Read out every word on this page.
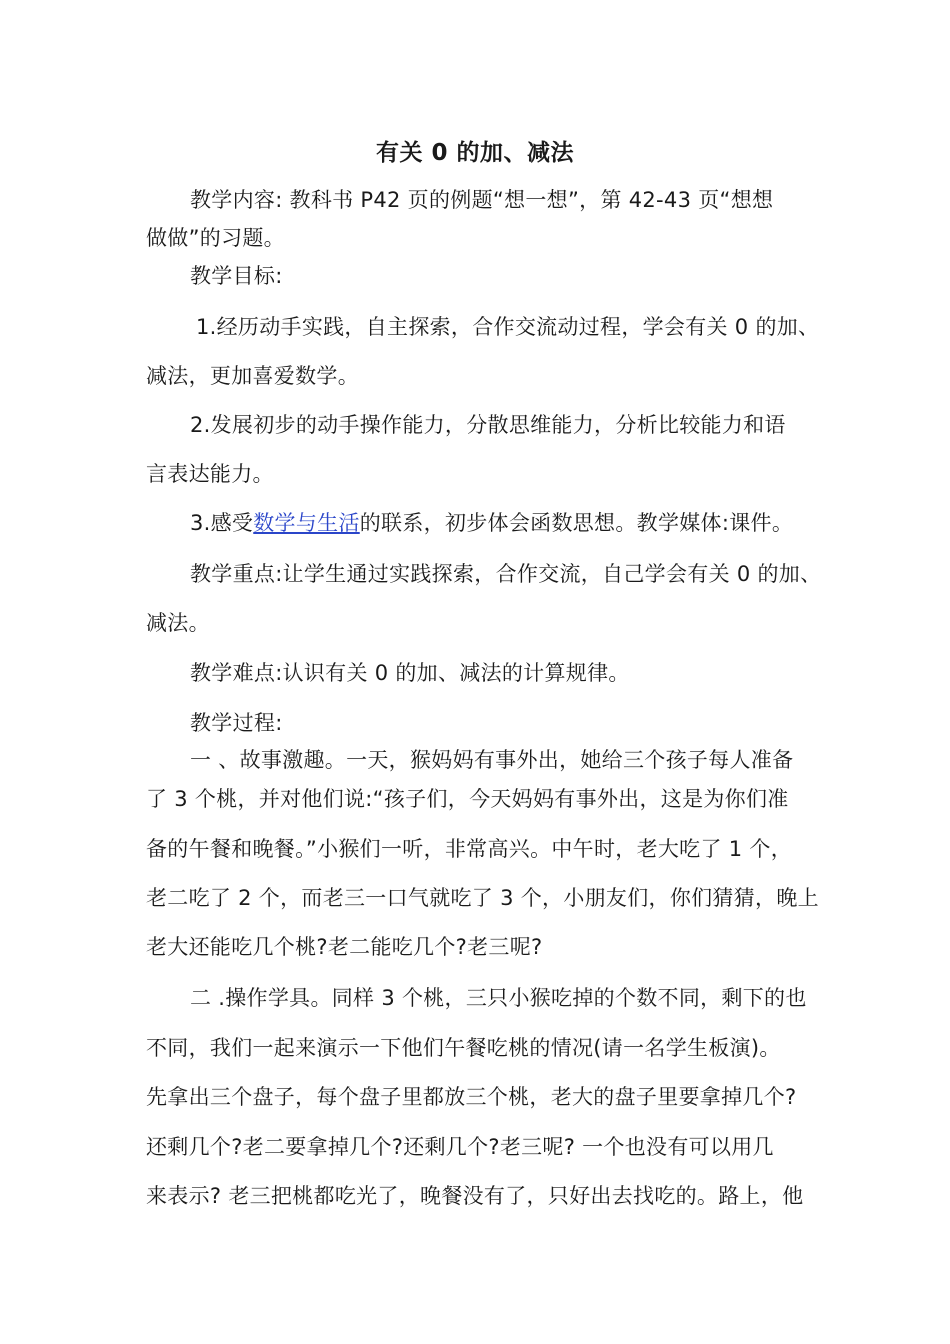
有关 0 的加、减法
教学内容: 教科书 P42 页的例题“想一想”，第 42-43 页“想想
做做”的习题。
教学目标:
1.经历动手实践，自主探索，合作交流动过程，学会有关 0 的加、
减法，更加喜爱数学。
2.发展初步的动手操作能力，分散思维能力，分析比较能力和语
言表达能力。
3.感受数学与生活的联系，初步体会函数思想。教学媒体:课件。
教学重点:让学生通过实践探索，合作交流，自己学会有关 0 的加、
减法。
教学难点:认识有关 0 的加、减法的计算规律。
教学过程:
一 、故事激趣。一天，猴妈妈有事外出，她给三个孩子每人准备
了 3 个桃，并对他们说:“孩子们，今天妈妈有事外出，这是为你们准
备的午餐和晚餐。”小猴们一听，非常高兴。中午时，老大吃了 1 个，
老二吃了 2 个，而老三一口气就吃了 3 个，小朋友们，你们猜猜，晚上
老大还能吃几个桃?老二能吃几个?老三呢?
二 .操作学具。同样 3 个桃，三只小猴吃掉的个数不同，剩下的也
不同，我们一起来演示一下他们午餐吃桃的情况(请一名学生板演)。
先拿出三个盘子，每个盘子里都放三个桃，老大的盘子里要拿掉几个?
还剩几个?老二要拿掉几个?还剩几个?老三呢? 一个也没有可以用几
来表示? 老三把桃都吃光了，晚餐没有了，只好出去找吃的。路上，他
